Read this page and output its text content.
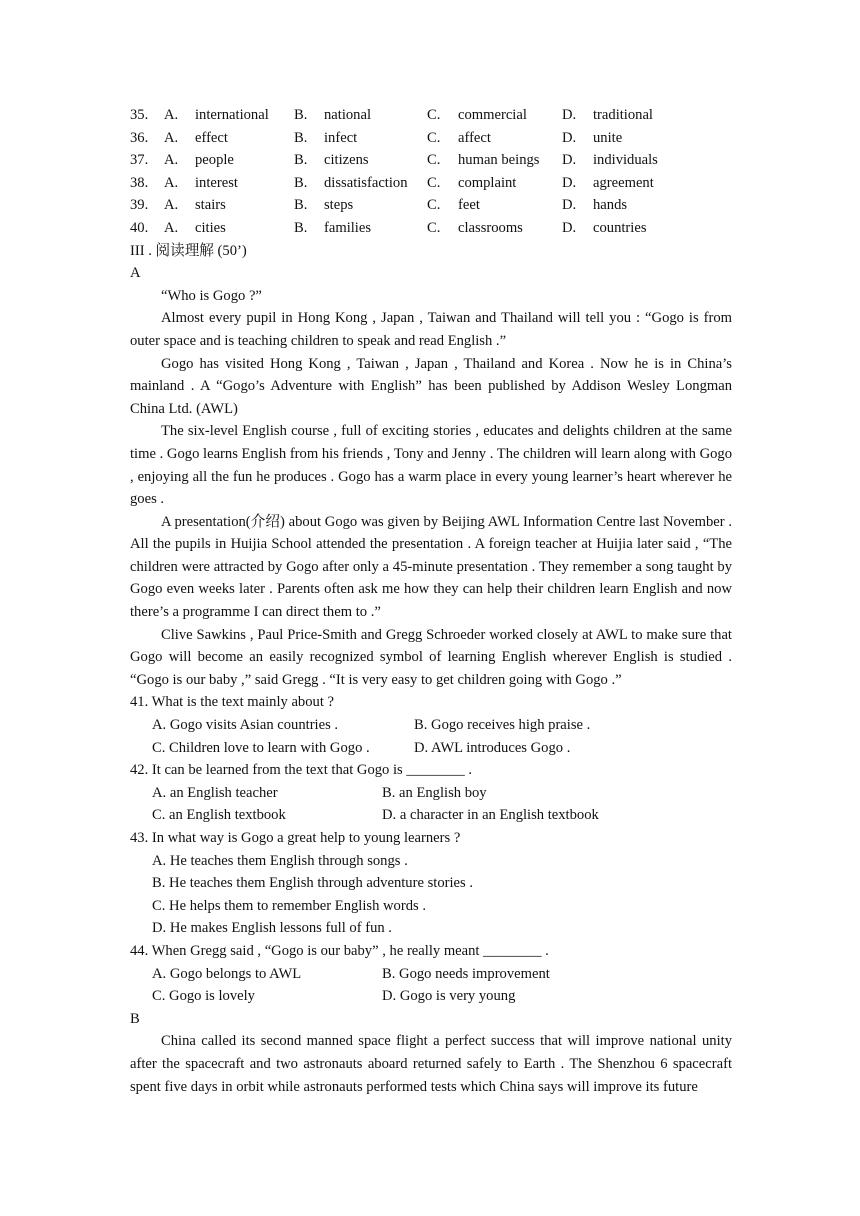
35.	A.	international	B.	national	C.	commercial	D.	traditional
36.	A.	effect	B.	infect	C.	affect	D.	unite
37.	A.	people	B.	citizens	C.	human beings	D.	individuals
38.	A.	interest	B.	dissatisfaction	C.	complaint	D.	agreement
39.	A.	stairs	B.	steps	C.	feet	D.	hands
40.	A.	cities	B.	families	C.	classrooms	D.	countries
III . 阅读理解 (50’)
A

“Who is Gogo ?”

Almost every pupil in Hong Kong , Japan , Taiwan and Thailand will tell you : “Gogo is from outer space and is teaching children to speak and read English .”

Gogo has visited Hong Kong , Taiwan , Japan , Thailand and Korea . Now he is in China’s mainland . A “Gogo’s Adventure with English” has been published by Addison Wesley Longman China Ltd. (AWL)

The six-level English course , full of exciting stories , educates and delights children at the same time . Gogo learns English from his friends , Tony and Jenny . The children will learn along with Gogo , enjoying all the fun he produces . Gogo has a warm place in every young learner’s heart wherever he goes .

A presentation(介绍) about Gogo was given by Beijing AWL Information Centre last November . All the pupils in Huijia School attended the presentation . A foreign teacher at Huijia later said , “The children were attracted by Gogo after only a 45-minute presentation . They remember a song taught by Gogo even weeks later . Parents often ask me how they can help their children learn English and now there’s a programme I can direct them to .”

Clive Sawkins , Paul Price-Smith and Gregg Schroeder worked closely at AWL to make sure that Gogo will become an easily recognized symbol of learning English wherever English is studied . “Gogo is our baby ,” said Gregg . “It is very easy to get children going with Gogo .”

41. What is the text mainly about ?
A. Gogo visits Asian countries .	B. Gogo receives high praise .
C. Children love to learn with Gogo .	D. AWL introduces Gogo .
42. It can be learned from the text that Gogo is ________ .
A. an English teacher	B. an English boy
C. an English textbook	D. a character in an English textbook
43. In what way is Gogo a great help to young learners ?
A. He teaches them English through songs .
B. He teaches them English through adventure stories .
C. He helps them to remember English words .
D. He makes English lessons full of fun .
44. When Gregg said , “Gogo is our baby” , he really meant ________ .
A. Gogo belongs to AWL	B. Gogo needs improvement
C. Gogo is lovely	D. Gogo is very young
B

China called its second manned space flight a perfect success that will improve national unity after the spacecraft and two astronauts aboard returned safely to Earth . The Shenzhou 6 spacecraft spent five days in orbit while astronauts performed tests which China says will improve its future
